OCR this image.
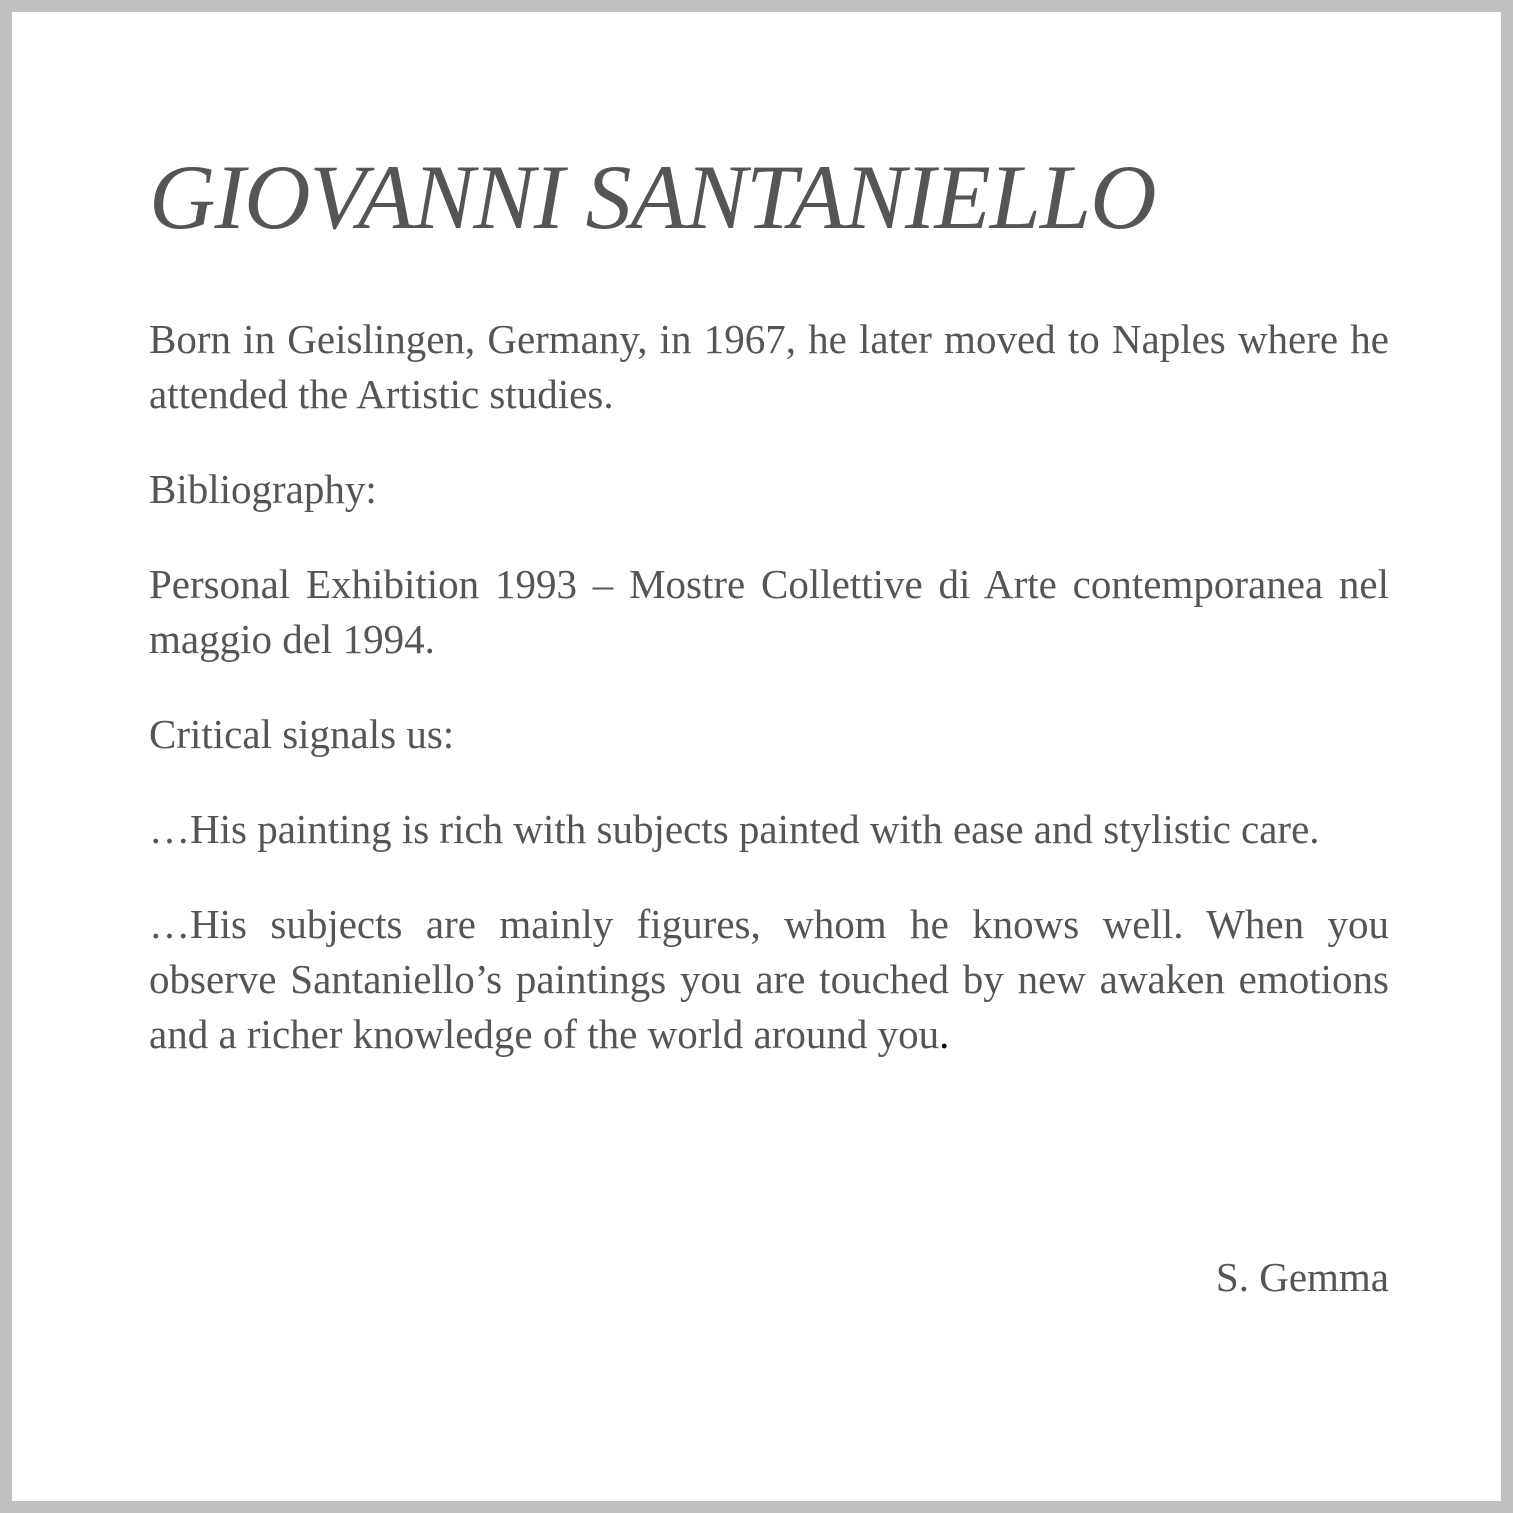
GIOVANNI SANTANIELLO

Born in Geislingen, Germany, in 1967, he later moved to Naples where he attended the Artistic studies.

Bibliography:

Personal Exhibition 1993 – Mostre Collettive di Arte contemporanea nel maggio del 1994.

Critical signals us:

…His painting is rich with subjects painted with ease and stylistic care.

…His subjects are mainly figures, whom he knows well. When you observe Santaniello’s paintings you are touched by new awaken emotions and a richer knowledge of the world around you.

S. Gemma
